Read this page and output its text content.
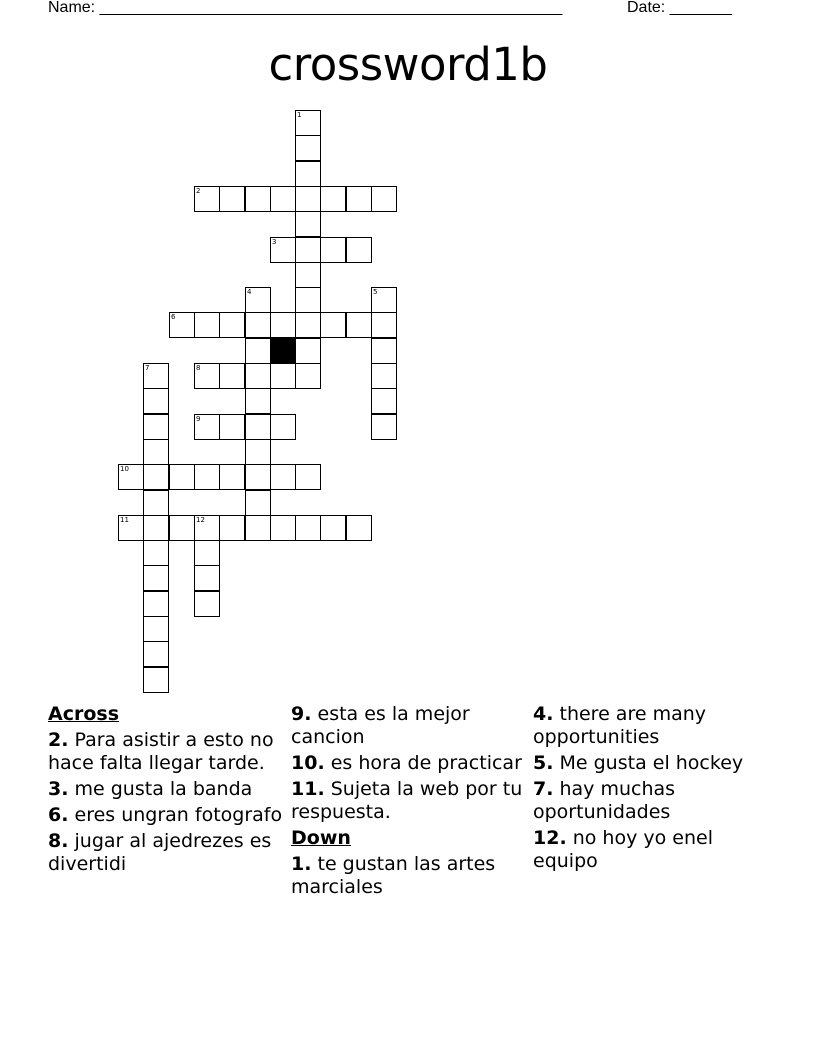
Name: ____________________________________________________	Date: _______
crossword1b
1
2
3
4	5
6
7	8
9
10
11	12
Across
2. Para asistir a esto no hace falta llegar tarde.
3. me gusta la banda
6. eres ungran fotografo
8. jugar al ajedrezes es divertidi
9. esta es la mejor cancion
10. es hora de practicar
11. Sujeta la web por tu respuesta.
Down
1. te gustan las artes marciales
4. there are many opportunities
5. Me gusta el hockey
7. hay muchas oportunidades
12. no hoy yo enel equipo
